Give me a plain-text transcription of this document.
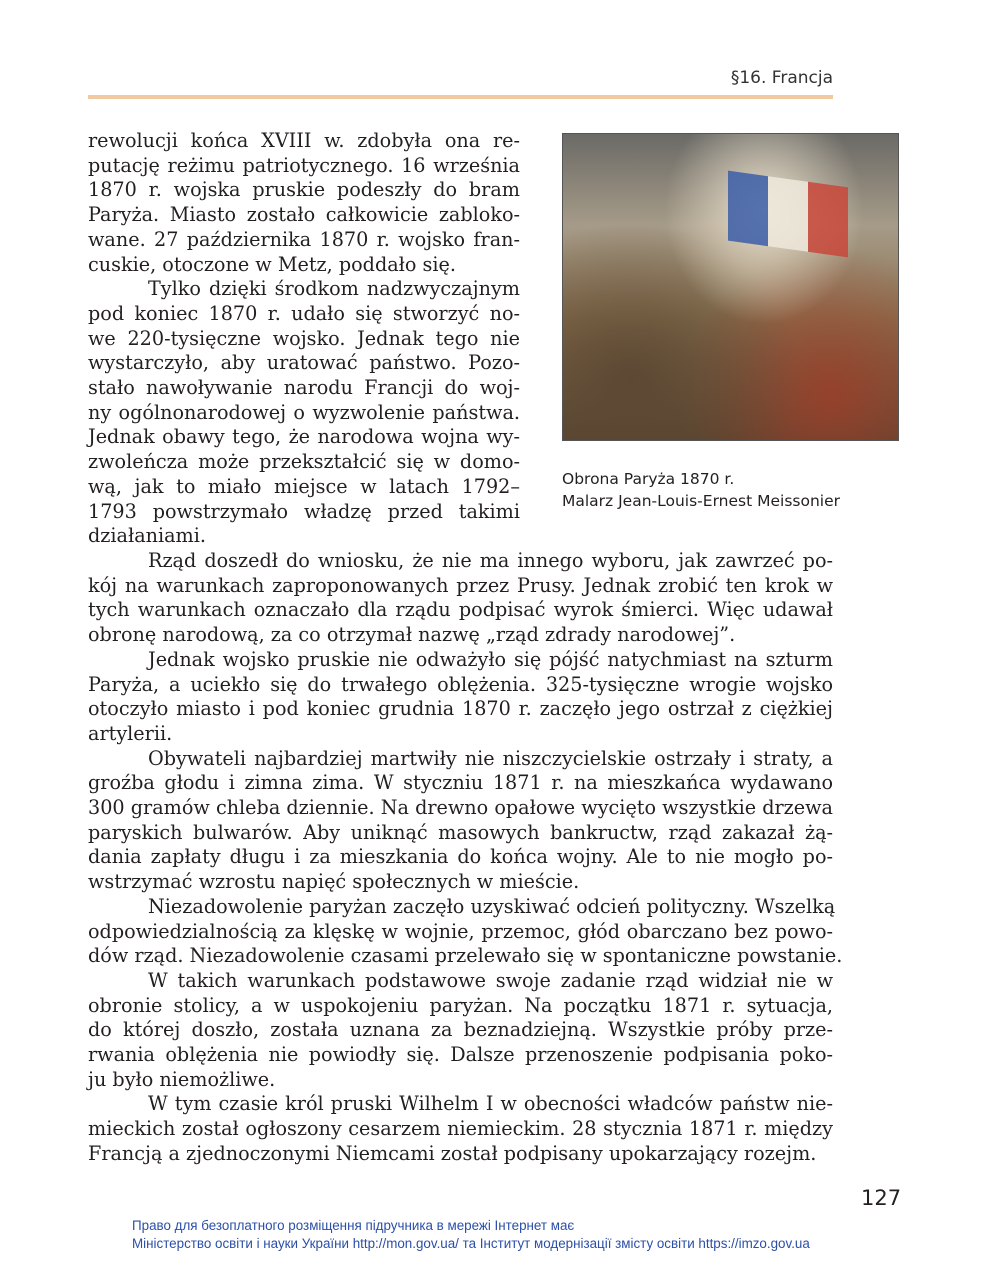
§16. Francja
rewolucji końca XVIII w. zdobyła ona re-
putację reżimu patriotycznego. 16 września
1870 r. wojska pruskie podeszły do bram
Paryża. Miasto zostało całkowicie zabloko-
wane. 27 października 1870 r. wojsko fran-
cuskie, otoczone w Metz, poddało się.
Tylko dzięki środkom nadzwyczajnym
pod koniec 1870 r. udało się stworzyć no-
we 220-tysięczne wojsko. Jednak tego nie
wystarczyło, aby uratować państwo. Pozo-
stało nawoływanie narodu Francji do woj-
ny ogólnonarodowej o wyzwolenie państwa.
Jednak obawy tego, że narodowa wojna wy-
zwoleńcza może przekształcić się w domo-
wą, jak to miało miejsce w latach 1792–
1793 powstrzymało władzę przed takimi
działaniami.
Obrona Paryża 1870 r.
Malarz Jean-Louis-Ernest Meissonier
Rząd doszedł do wniosku, że nie ma innego wyboru, jak zawrzeć po-
kój na warunkach zaproponowanych przez Prusy. Jednak zrobić ten krok w
tych warunkach oznaczało dla rządu podpisać wyrok śmierci. Więc udawał
obronę narodową, za co otrzymał nazwę „rząd zdrady narodowej”.
Jednak wojsko pruskie nie odważyło się pójść natychmiast na szturm
Paryża, a uciekło się do trwałego oblężenia. 325-tysięczne wrogie wojsko
otoczyło miasto i pod koniec grudnia 1870 r. zaczęło jego ostrzał z ciężkiej
artylerii.
Obywateli najbardziej martwiły nie niszczycielskie ostrzały i straty, a
groźba głodu i zimna zima. W styczniu 1871 r. na mieszkańca wydawano
300 gramów chleba dziennie. Na drewno opałowe wycięto wszystkie drzewa
paryskich bulwarów. Aby uniknąć masowych bankructw, rząd zakazał żą-
dania zapłaty długu i za mieszkania do końca wojny. Ale to nie mogło po-
wstrzymać wzrostu napięć społecznych w mieście.
Niezadowolenie paryżan zaczęło uzyskiwać odcień polityczny. Wszelką
odpowiedzialnością za klęskę w wojnie, przemoc, głód obarczano bez powo-
dów rząd. Niezadowolenie czasami przelewało się w spontaniczne powstanie.
W takich warunkach podstawowe swoje zadanie rząd widział nie w
obronie stolicy, a w uspokojeniu paryżan. Na początku 1871 r. sytuacja,
do której doszło, została uznana za beznadziejną. Wszystkie próby prze-
rwania oblężenia nie powiodły się. Dalsze przenoszenie podpisania poko-
ju było niemożliwe.
W tym czasie król pruski Wilhelm I w obecności władców państw nie-
mieckich został ogłoszony cesarzem niemieckim. 28 stycznia 1871 r. między
Francją a zjednoczonymi Niemcami został podpisany upokarzający rozejm.
127
Право для безоплатного розміщення підручника в мережі Інтернет має
Міністерство освіти і науки України http://mon.gov.ua/ та Інститут модернізації змісту освіти https://imzo.gov.ua
